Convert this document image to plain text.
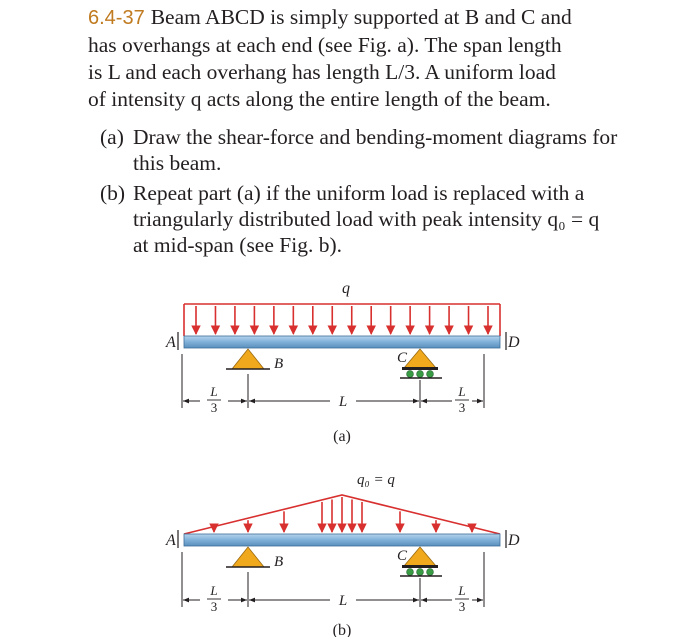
6.4-37 Beam ABCD is simply supported at B and C and

has overhangs at each end (see Fig. a). The span length

is L and each overhang has length L/3. A uniform load

of intensity q acts along the entire length of the beam.

(a) Draw the shear-force and bending-moment diagrams for this beam.

(b) Repeat part (a) if the uniform load is replaced with a triangularly distributed load with peak intensity q₀ = q at mid-span (see Fig. b).

q
A	D
B	C
L
3	L
L
3
(a)
q₀ = q
A	D
B	C
L
3	L
L
3
(b)
